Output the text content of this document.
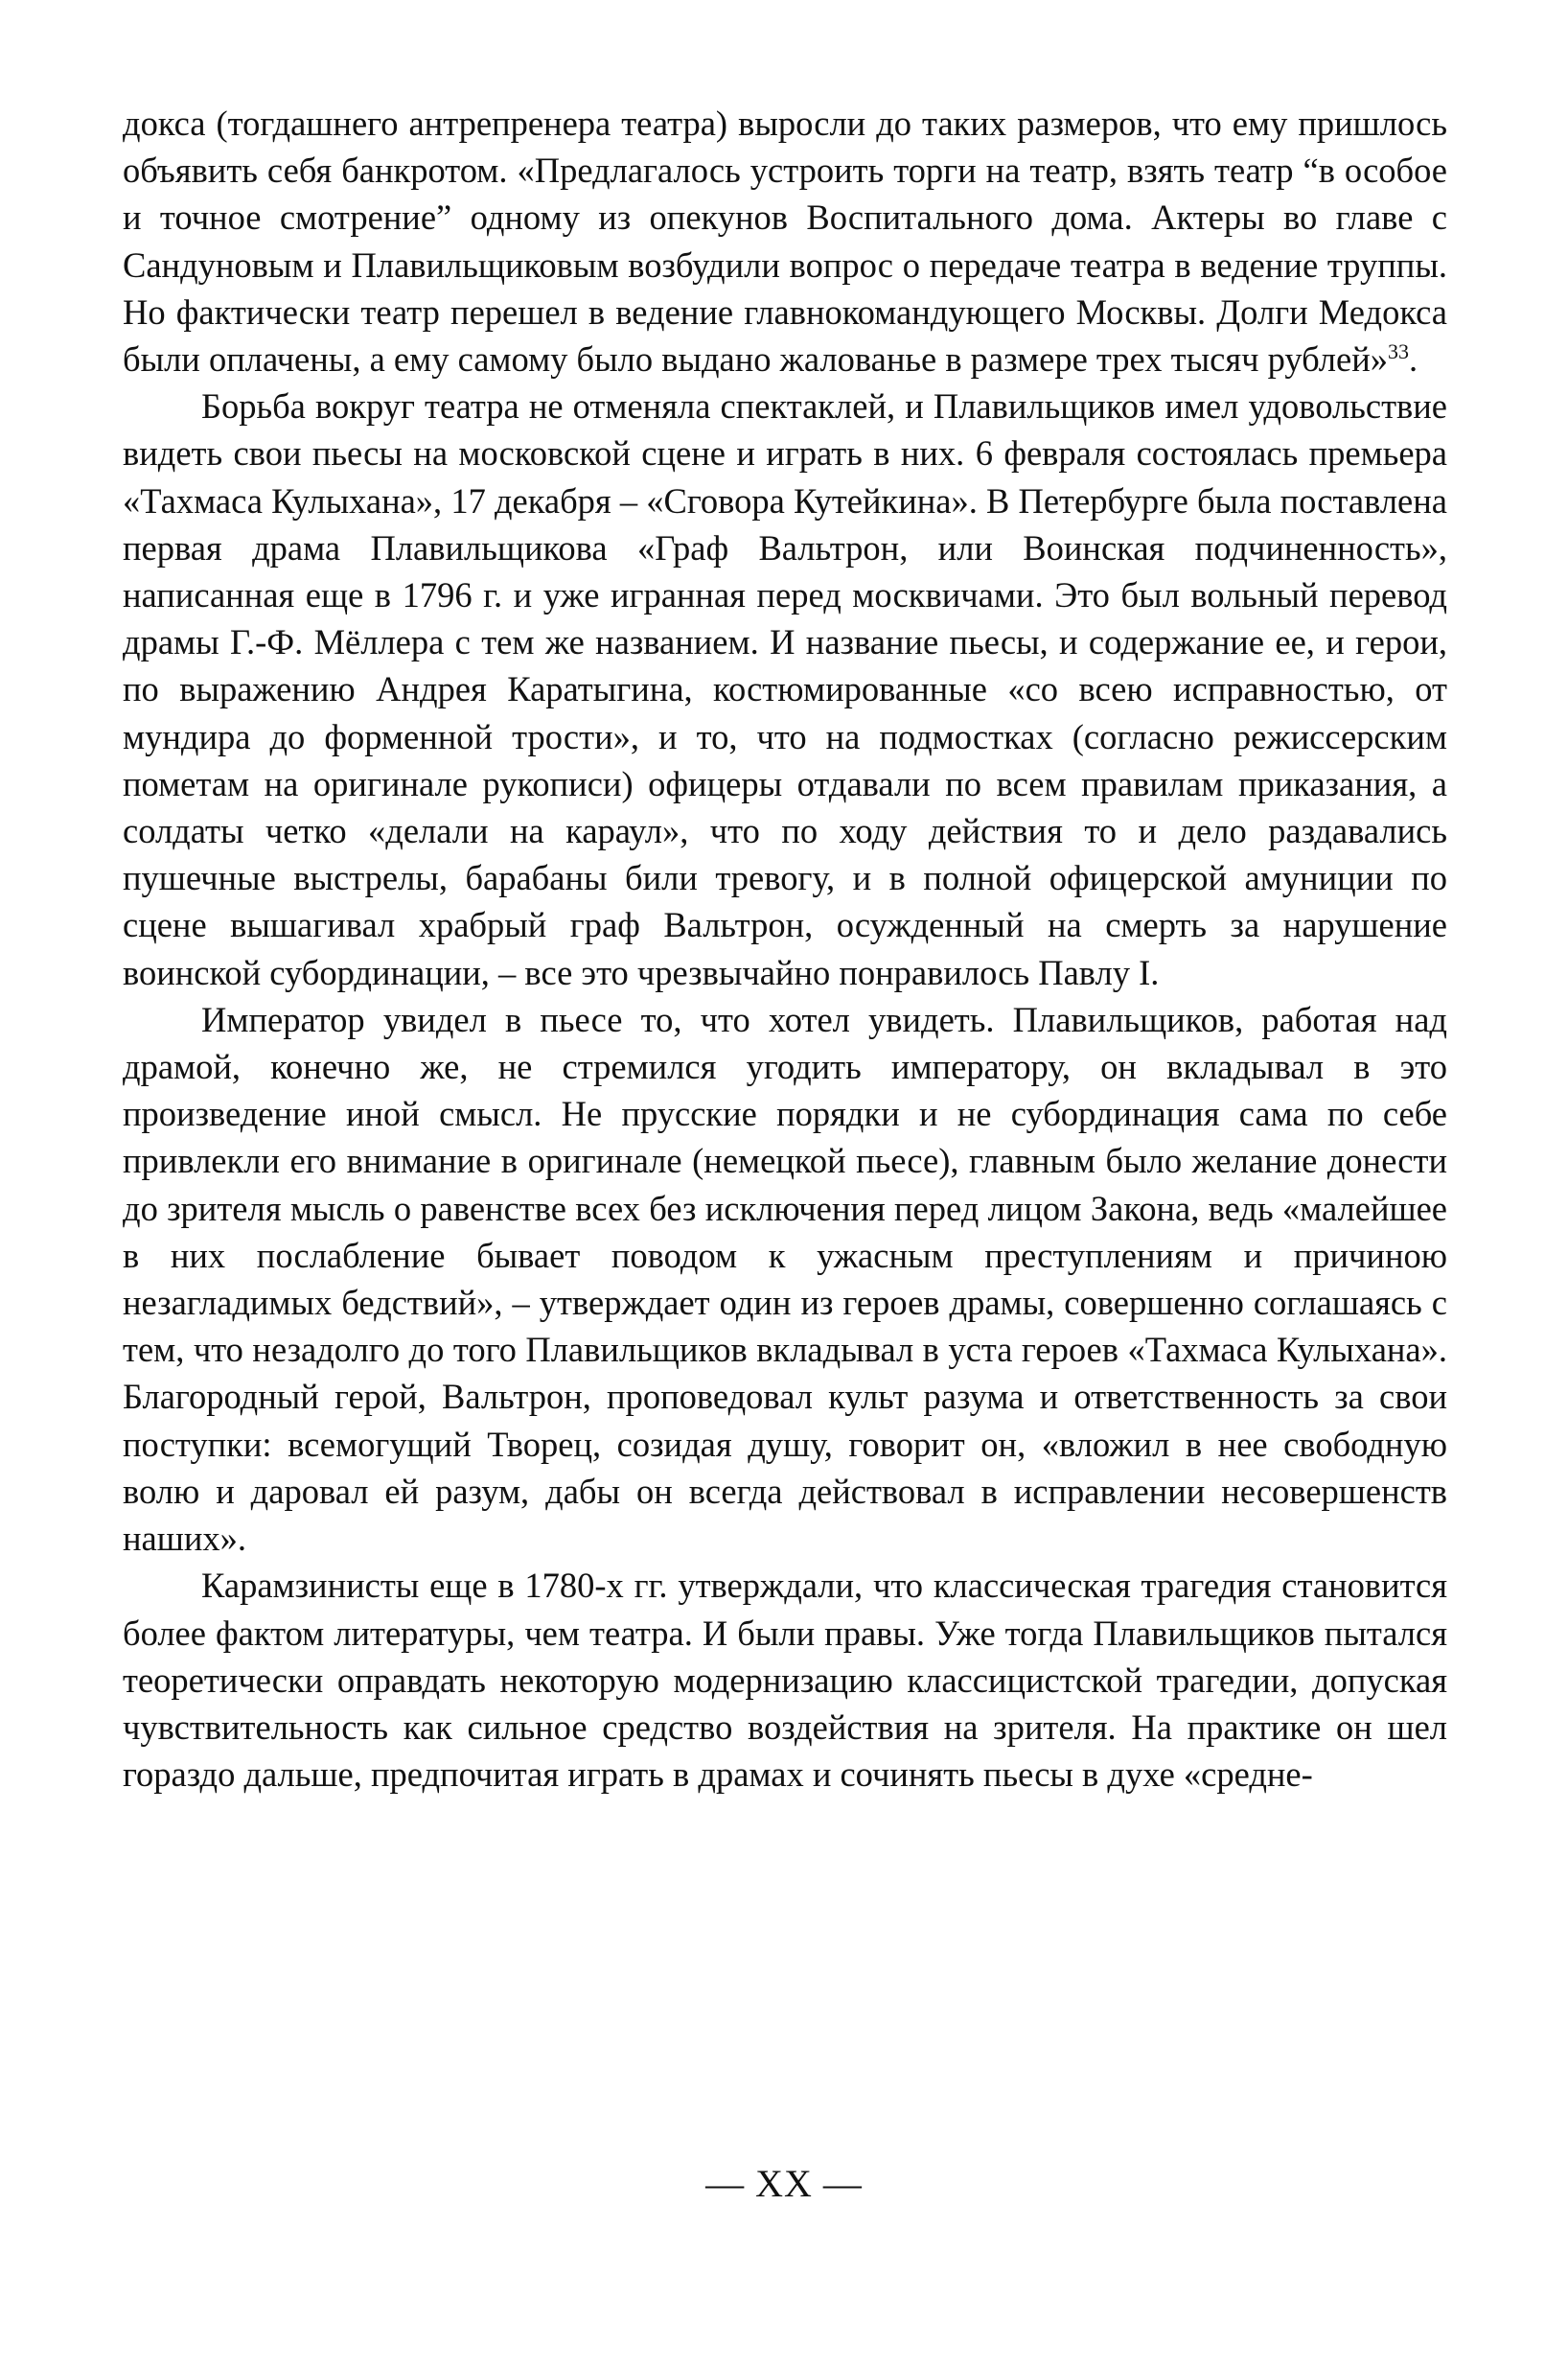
докса (тогдашнего антрепренера театра) выросли до таких размеров, что ему пришлось объявить себя банкротом. «Предлагалось устроить торги на театр, взять театр “в особое и точное смотрение” одному из опекунов Воспитального дома. Актеры во главе с Сандуновым и Плавильщиковым возбудили вопрос о передаче театра в ведение труппы. Но фактически театр перешел в ведение главнокомандующего Москвы. Долги Медокса были оплачены, а ему самому было выдано жалованье в размере трех тысяч рублей»$^{33}$.

Борьба вокруг театра не отменяла спектаклей, и Плавильщиков имел удовольствие видеть свои пьесы на московской сцене и играть в них. 6 февраля состоялась премьера «Тахмаса Кулыхана», 17 декабря – «Сговора Кутейкина». В Петербурге была поставлена первая драма Плавильщикова «Граф Вальтрон, или Воинская подчиненность», написанная еще в 1796 г. и уже игранная перед москвичами. Это был вольный перевод драмы Г.-Ф. Мёллера с тем же названием. И название пьесы, и содержание ее, и герои, по выражению Андрея Каратыгина, костюмированные «со всею исправностью, от мундира до форменной трости», и то, что на подмостках (согласно режиссерским пометам на оригинале рукописи) офицеры отдавали по всем правилам приказания, а солдаты четко «делали на караул», что по ходу действия то и дело раздавались пушечные выстрелы, барабаны били тревогу, и в полной офицерской амуниции по сцене вышагивал храбрый граф Вальтрон, осужденный на смерть за нарушение воинской субординации, – все это чрезвычайно понравилось Павлу I.

Император увидел в пьесе то, что хотел увидеть. Плавильщиков, работая над драмой, конечно же, не стремился угодить императору, он вкладывал в это произведение иной смысл. Не прусские порядки и не субординация сама по себе привлекли его внимание в оригинале (немецкой пьесе), главным было желание донести до зрителя мысль о равенстве всех без исключения перед лицом Закона, ведь «малейшее в них послабление бывает поводом к ужасным преступлениям и причиною незагладимых бедствий», – утверждает один из героев драмы, совершенно соглашаясь с тем, что незадолго до того Плавильщиков вкладывал в уста героев «Тахмаса Кулыхана». Благородный герой, Вальтрон, проповедовал культ разума и ответственность за свои поступки: всемогущий Творец, созидая душу, говорит он, «вложил в нее свободную волю и даровал ей разум, дабы он всегда действовал в исправлении несовершенств наших».

Карамзинисты еще в 1780-х гг. утверждали, что классическая трагедия становится более фактом литературы, чем театра. И были правы. Уже тогда Плавильщиков пытался теоретически оправдать некоторую модернизацию классицистской трагедии, допуская чувствительность как сильное средство воздействия на зрителя. На практике он шел гораздо дальше, предпочитая играть в драмах и сочинять пьесы в духе «средне-

— XX —
